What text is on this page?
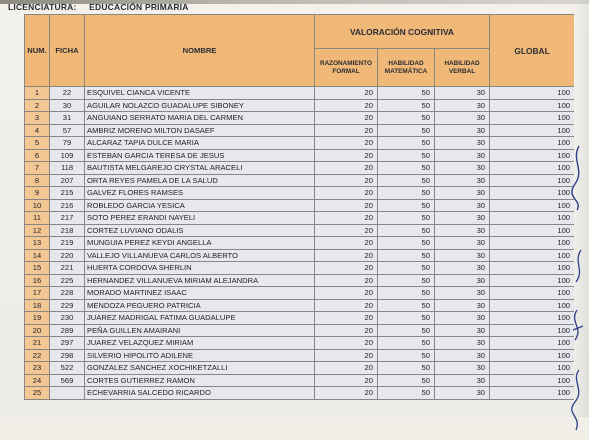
LICENCIATURA: EDUCACIÓN PRIMARIA
NUM.	FICHA	NOMBRE	VALORACIÓN COGNITIVA			GLOBAL
			RAZONAMIENTO FORMAL	HABILIDAD MATEMÁTICA	HABILIDAD VERBAL	
1	22	ESQUIVEL CIANCA VICENTE	20	50	30	100
2	30	AGUILAR NOLAZCO GUADALUPE SIBONEY	20	50	30	100
3	31	ANGUIANO SERRATO MARIA DEL CARMEN	20	50	30	100
4	57	AMBRIZ MORENO MILTON DASAEF	20	50	30	100
5	79	ALCARAZ TAPIA DULCE MARIA	20	50	30	100
6	109	ESTEBAN GARCIA TERESA DE JESUS	20	50	30	100
7	118	BAUTISTA MELGAREJO CRYSTAL ARACELI	20	50	30	100
8	207	ORTA REYES PAMELA DE LA SALUD	20	50	30	100
9	215	GALVEZ FLORES RAMSES	20	50	30	100
10	216	ROBLEDO GARCIA YESICA	20	50	30	100
11	217	SOTO PEREZ ERANDI NAYELI	20	50	30	100
12	218	CORTEZ LUVIANO ODALIS	20	50	30	100
13	219	MUNGUIA PEREZ KEYDI ANGELLA	20	50	30	100
14	220	VALLEJO VILLANUEVA CARLOS ALBERTO	20	50	30	100
15	221	HUERTA CORDOVA SHERLIN	20	50	30	100
16	225	HERNANDEZ VILLANUEVA MIRIAM ALEJANDRA	20	50	30	100
17	228	MORADO MARTINEZ ISAAC	20	50	30	100
18	229	MENDOZA PEGUERO PATRICIA	20	50	30	100
19	230	JUAREZ MADRIGAL FATIMA GUADALUPE	20	50	30	100
20	289	PEÑA GUILLEN AMAIRANI	20	50	30	100
21	297	JUAREZ VELAZQUEZ MIRIAM	20	50	30	100
22	298	SILVERIO HIPOLITO ADILENE	20	50	30	100
23	522	GONZALEZ SANCHEZ XOCHIKETZALLI	20	50	30	100
24	569	CORTES GUTIERREZ RAMON	20	50	30	100
25		ECHEVARRIA SALCEDO RICARDO	20	50	30	100
